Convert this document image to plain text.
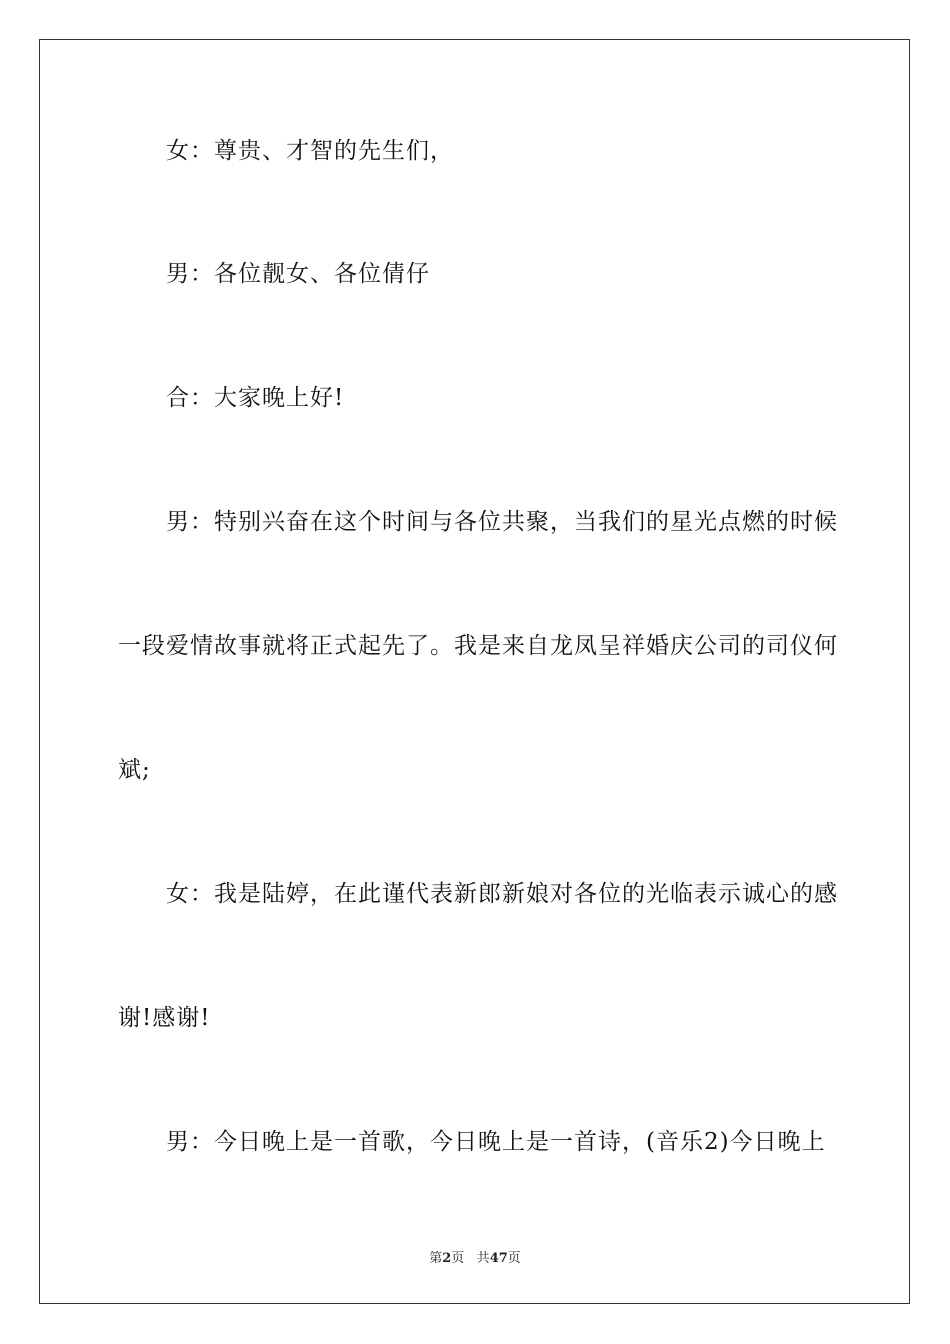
女：尊贵、才智的先生们，
男：各位靓女、各位倩仔
合：大家晚上好!
男：特别兴奋在这个时间与各位共聚，当我们的星光点燃的时候
一段爱情故事就将正式起先了。我是来自龙凤呈祥婚庆公司的司仪何
斌;
女：我是陆婷，在此谨代表新郎新娘对各位的光临表示诚心的感
谢!感谢!
男：今日晚上是一首歌，今日晚上是一首诗，(音乐2)今日晚上
第2页 共47页
